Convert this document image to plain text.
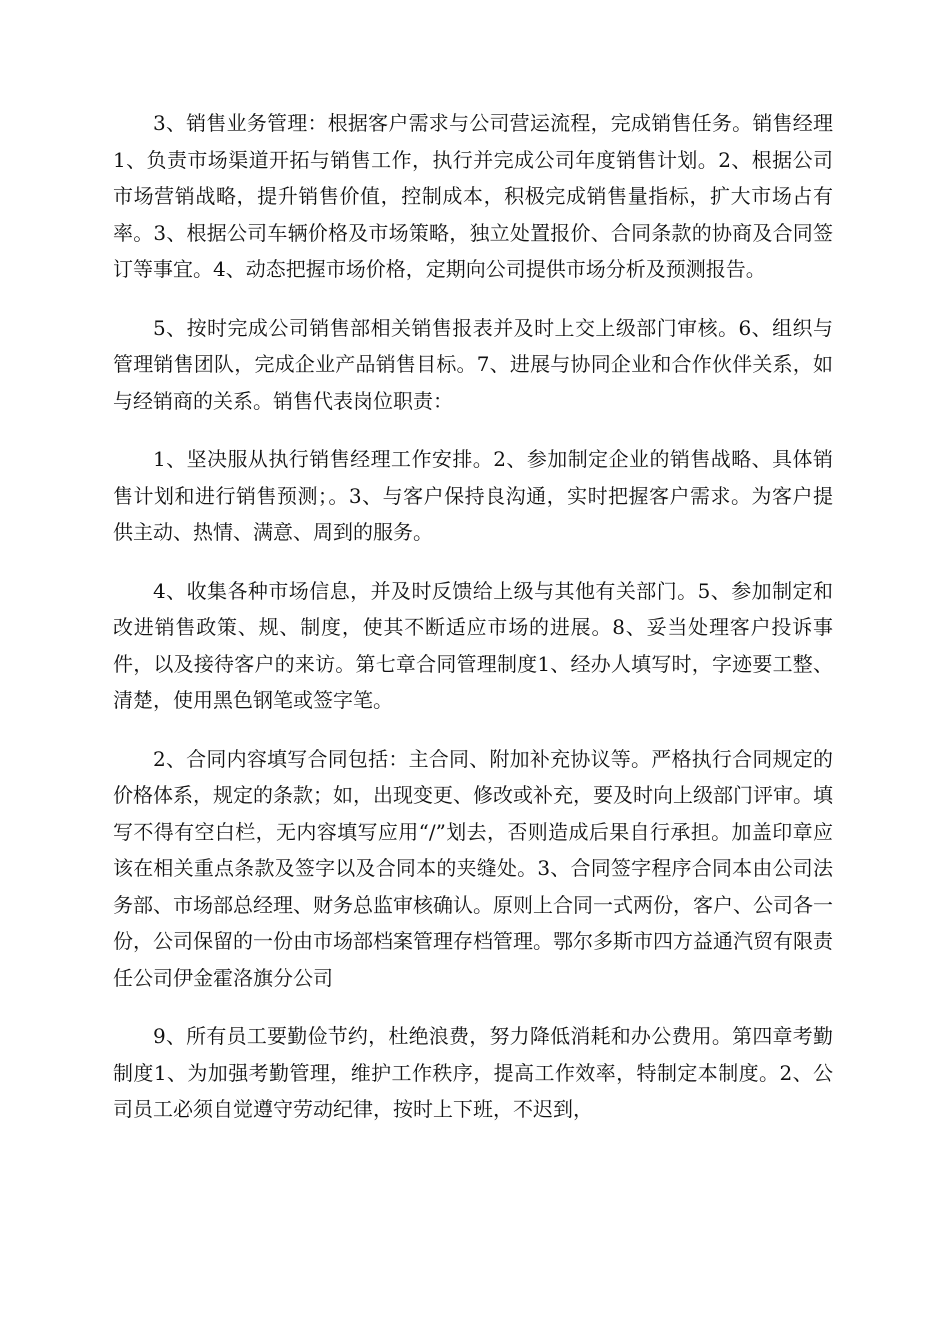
3、销售业务管理：根据客户需求与公司营运流程，完成销售任务。销售经理1、负责市场渠道开拓与销售工作，执行并完成公司年度销售计划。2、根据公司市场营销战略，提升销售价值，控制成本，积极完成销售量指标，扩大市场占有率。3、根据公司车辆价格及市场策略，独立处置报价、合同条款的协商及合同签订等事宜。4、动态把握市场价格，定期向公司提供市场分析及预测报告。

5、按时完成公司销售部相关销售报表并及时上交上级部门审核。6、组织与管理销售团队，完成企业产品销售目标。7、进展与协同企业和合作伙伴关系，如与经销商的关系。销售代表岗位职责：

1、坚决服从执行销售经理工作安排。2、参加制定企业的销售战略、具体销售计划和进行销售预测；。3、与客户保持良沟通，实时把握客户需求。为客户提供主动、热情、满意、周到的服务。

4、收集各种市场信息，并及时反馈给上级与其他有关部门。5、参加制定和改进销售政策、规、制度，使其不断适应市场的进展。8、妥当处理客户投诉事件，以及接待客户的来访。第七章合同管理制度1、经办人填写时，字迹要工整、清楚，使用黑色钢笔或签字笔。

2、合同内容填写合同包括：主合同、附加补充协议等。严格执行合同规定的价格体系，规定的条款；如，出现变更、修改或补充，要及时向上级部门评审。填写不得有空白栏，无内容填写应用“/”划去，否则造成后果自行承担。加盖印章应该在相关重点条款及签字以及合同本的夹缝处。3、合同签字程序合同本由公司法务部、市场部总经理、财务总监审核确认。原则上合同一式两份，客户、公司各一份，公司保留的一份由市场部档案管理存档管理。鄂尔多斯市四方益通汽贸有限责任公司伊金霍洛旗分公司

9、所有员工要勤俭节约，杜绝浪费，努力降低消耗和办公费用。第四章考勤制度1、为加强考勤管理，维护工作秩序，提高工作效率，特制定本制度。2、公司员工必须自觉遵守劳动纪律，按时上下班，不迟到，
